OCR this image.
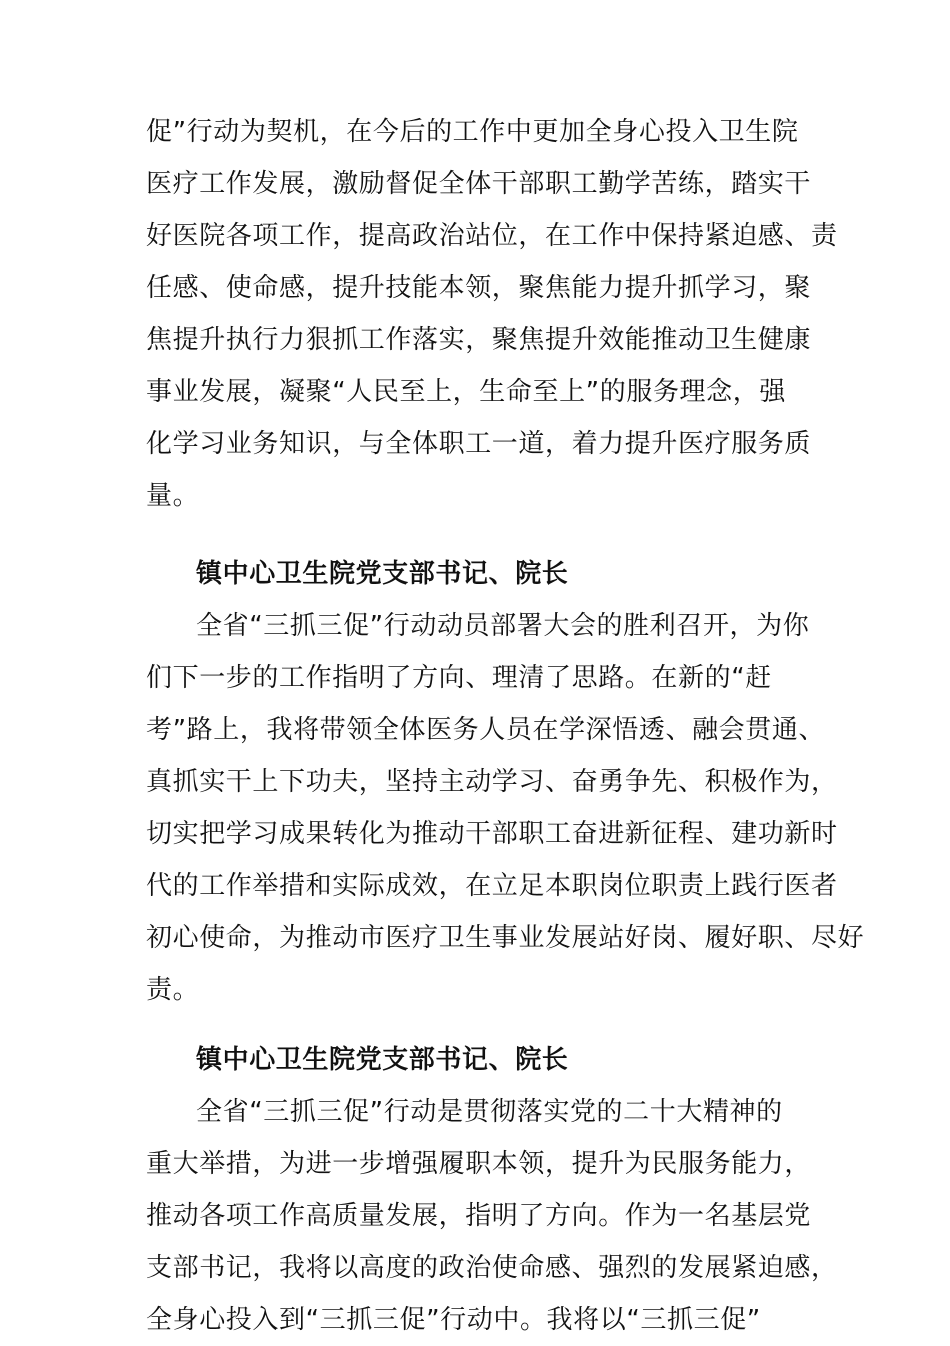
促”行动为契机，在今后的工作中更加全身心投入卫生院
医疗工作发展，激励督促全体干部职工勤学苦练，踏实干
好医院各项工作，提高政治站位，在工作中保持紧迫感、责
任感、使命感，提升技能本领，聚焦能力提升抓学习，聚
焦提升执行力狠抓工作落实，聚焦提升效能推动卫生健康
事业发展，凝聚“人民至上，生命至上”的服务理念，强
化学习业务知识，与全体职工一道，着力提升医疗服务质
量。
镇中心卫生院党支部书记、院长
全省“三抓三促”行动动员部署大会的胜利召开，为你
们下一步的工作指明了方向、理清了思路。在新的“赶
考”路上，我将带领全体医务人员在学深悟透、融会贯通、
真抓实干上下功夫，坚持主动学习、奋勇争先、积极作为，
切实把学习成果转化为推动干部职工奋进新征程、建功新时
代的工作举措和实际成效，在立足本职岗位职责上践行医者
初心使命，为推动市医疗卫生事业发展站好岗、履好职、尽好
责。
镇中心卫生院党支部书记、院长
全省“三抓三促”行动是贯彻落实党的二十大精神的
重大举措，为进一步增强履职本领，提升为民服务能力，
推动各项工作高质量发展，指明了方向。作为一名基层党
支部书记，我将以高度的政治使命感、强烈的发展紧迫感，
全身心投入到“三抓三促”行动中。我将以“三抓三促”
